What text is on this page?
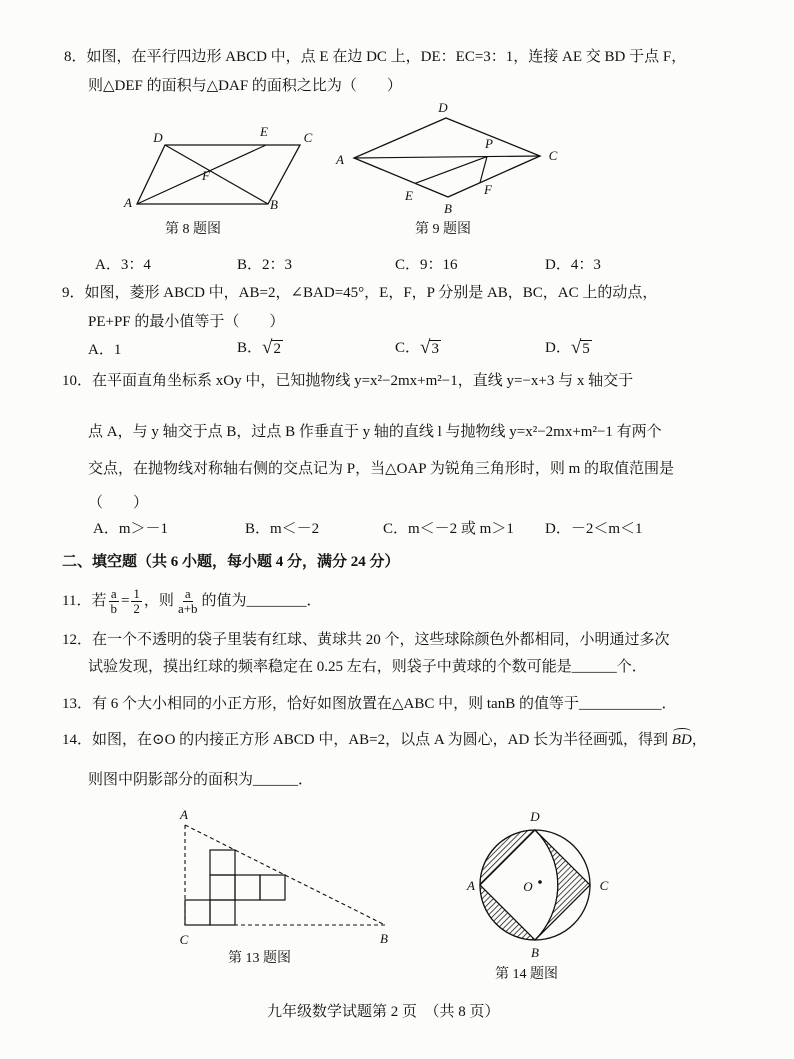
8．如图，在平行四边形 ABCD 中，点 E 在边 DC 上，DE：EC=3：1，连接 AE 交 BD 于点 F，
则△DEF 的面积与△DAF 的面积之比为（　　）
D	E	C
A	B
F
第 8 题图
D
A	C
B
E
P
F
第 9 题图
A．3：4	B．2：3	C．9：16	D．4：3
9．如图，菱形 ABCD 中，AB=2，∠BAD=45°，E，F，P 分别是 AB，BC，AC 上的动点，
PE+PF 的最小值等于（　　）
A．1	B． √ 2	C． √ 3	D． √ 5
10．在平面直角坐标系 xOy 中，已知抛物线 y=x²−2mx+m²−1，直线 y=−x+3 与 x 轴交于
点 A，与 y 轴交于点 B，过点 B 作垂直于 y 轴的直线 l 与抛物线 y=x²−2mx+m²−1 有两个
交点，在抛物线对称轴右侧的交点记为 P，当△OAP 为锐角三角形时，则 m 的取值范围是
（　　）
A．m＞－1	B．m＜－2	C．m＜－2 或 m＞1 D．－2＜m＜1
二、填空题（共 6 小题，每小题 4 分，满分 24 分）
11．若 $\frac{a}{b} = \frac{1}{2}$ ，则 $\frac{a}{a+b}$ 的值为________．
12．在一个不透明的袋子里装有红球、黄球共 20 个，这些球除颜色外都相同，小明通过多次
试验发现，摸出红球的频率稳定在 0.25 左右，则袋子中黄球的个数可能是______个．
13．有 6 个大小相同的小正方形，恰好如图放置在△ABC 中，则 tanB 的值等于___________．
14．如图，在⊙O 的内接正方形 ABCD 中，AB=2，以点 A 为圆心，AD 长为半径画弧，得到
BD，
则图中阴影部分的面积为______．
A
C	B
第 13 题图
D
A	C
B
O
第 14 题图
九年级数学试题第 2 页　（共 8 页）
